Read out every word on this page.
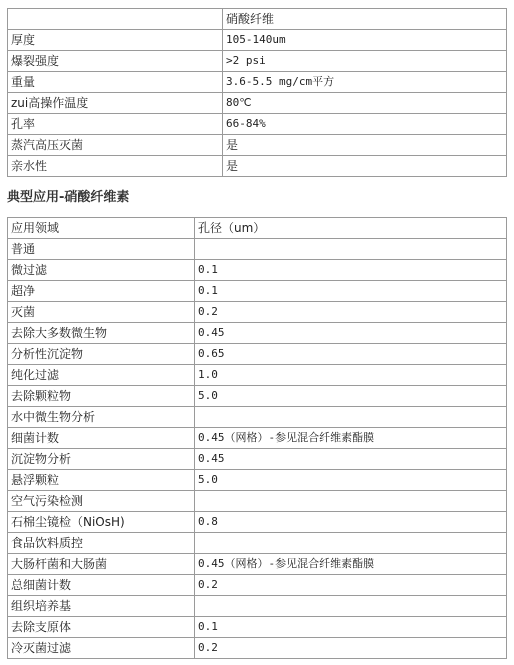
	硝酸纤维
厚度	105-140um
爆裂强度	>2 psi
重量	3.6-5.5 mg/cm平方
zui高操作温度	80℃
孔率	66-84%
蒸汽高压灭菌	是
亲水性	是
典型应用-硝酸纤维素
应用领域	孔径（um）
普通	
微过滤	0.1
超净	0.1
灭菌	0.2
去除大多数微生物	0.45
分析性沉淀物	0.65
纯化过滤	1.0
去除颗粒物	5.0
水中微生物分析	
细菌计数	0.45（网格）-参见混合纤维素酯膜
沉淀物分析	0.45
悬浮颗粒	5.0
空气污染检测	
石棉尘镜检（NiOsH)	0.8
食品饮料质控	
大肠杆菌和大肠菌	0.45（网格）-参见混合纤维素酯膜
总细菌计数	0.2
组织培养基	
去除支原体	0.1
冷灭菌过滤	0.2
